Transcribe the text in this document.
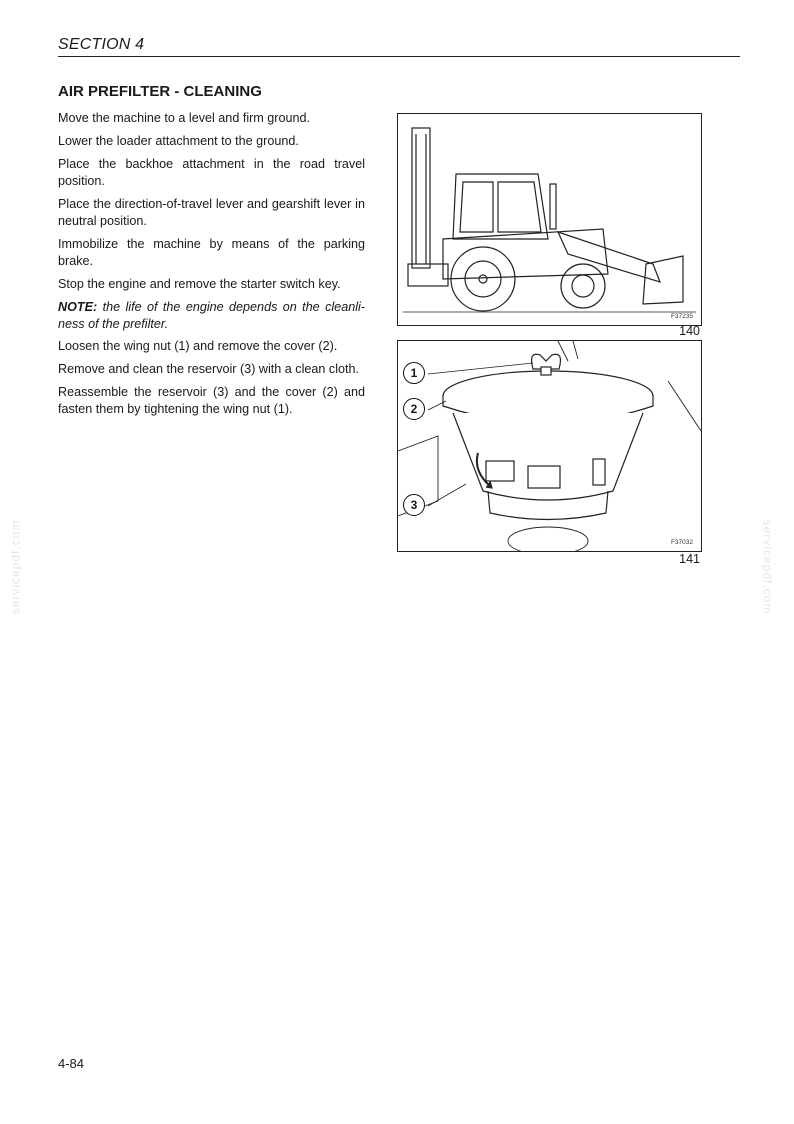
SECTION 4
AIR PREFILTER - CLEANING

Move the machine to a level and firm ground.

Lower the loader attachment to the ground.

Place the backhoe attachment in the road travel position.

Place the direction-of-travel lever and gearshift lever in neutral position.

Immobilize the machine by means of the parking brake.

Stop the engine and remove the starter switch key.

NOTE: the life of the engine depends on the cleanli-ness of the prefilter.

Loosen the wing nut (1) and remove the cover (2).

Remove and clean the reservoir (3) with a clean cloth.

Reassemble the reservoir (3) and the cover (2) and fasten them by tightening the wing nut (1).

F37235
140
1
2
3
F37032
141
servicepdf.com	servicepdf.com
4-84
